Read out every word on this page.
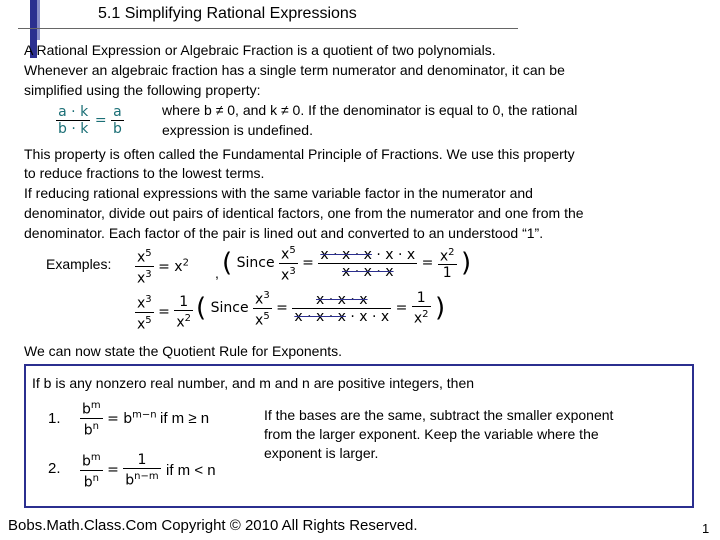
5.1 Simplifying Rational Expressions
A Rational Expression or Algebraic Fraction is a quotient of two polynomials.
Whenever an algebraic fraction has a single term numerator and denominator, it can be
simplified using the following property:
$\frac{a \cdot k}{b \cdot k} = \frac{a}{b}$	where b ≠ 0, and k ≠ 0. If the denominator is equal to 0, the rational
expression is undefined.
This property is often called the Fundamental Principle of Fractions. We use this property
to reduce fractions to the lowest terms.
If reducing rational expressions with the same variable factor in the numerator and
denominator, divide out pairs of identical factors, one from the numerator and one from the
denominator. Each factor of the pair is lined out and converted to an understood “1”.
Examples: $\frac{x^5}{x^3} = x^2$
, ( Since $\frac{x^5}{x^3} = \frac{x \cdot x \cdot x \cdot x \cdot x}{x \cdot x \cdot x} = \frac{x^2}{1}$ )
$\frac{x^3}{x^5} = \frac{1}{x^2}$ ( Since $\frac{x^3}{x^5} = \frac{x \cdot x \cdot x}{x \cdot x \cdot x \cdot x \cdot x} = \frac{1}{x^2}$ )
We can now state the Quotient Rule for Exponents.
If b is any nonzero real number, and m and n are positive integers, then
1. $\frac{b^m}{b^n} = b^{m-n}$ if m ≥ n
2. $\frac{b^m}{b^n} = \frac{1}{b^{n-m}}$ if m < n
If the bases are the same, subtract the smaller exponent
from the larger exponent. Keep the variable where the
exponent is larger.
Bobs.Math.Class.Com Copyright © 2010 All Rights Reserved.	1
